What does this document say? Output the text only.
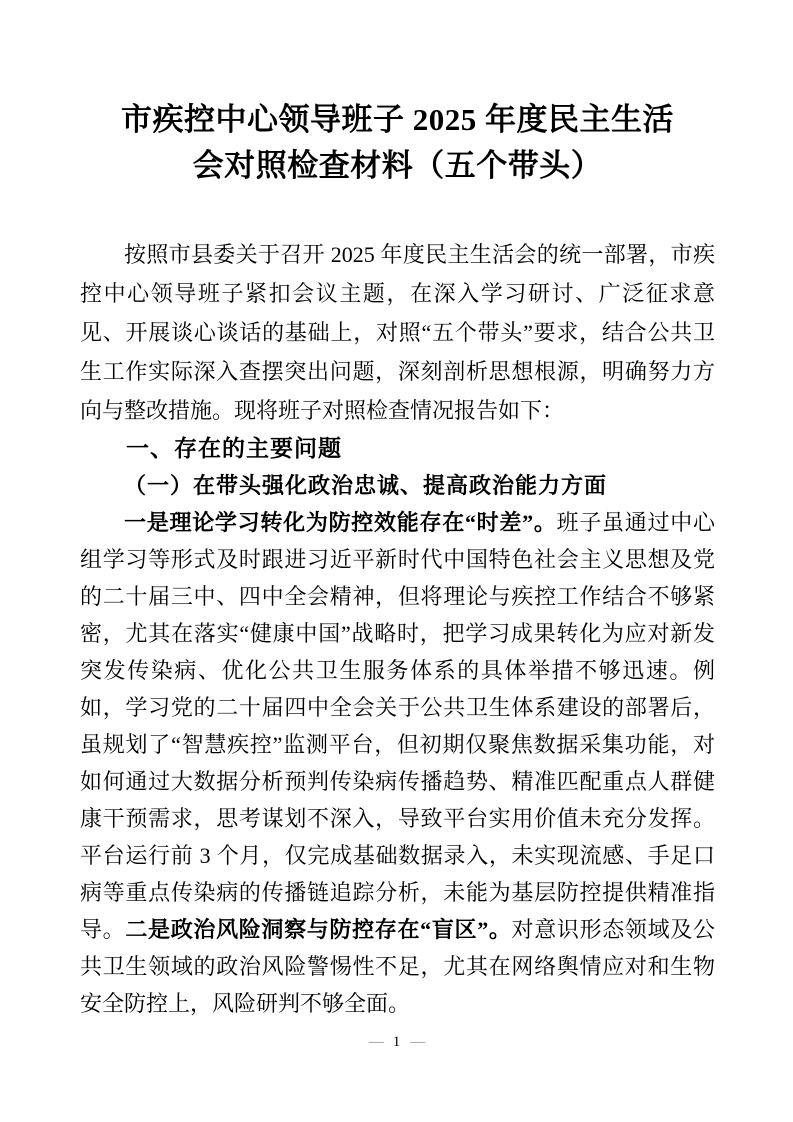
市疾控中心领导班子 2025 年度民主生活
会对照检查材料（五个带头）

按照市县委关于召开 2025 年度民主生活会的统一部署，市疾控中心领导班子紧扣会议主题，在深入学习研讨、广泛征求意见、开展谈心谈话的基础上，对照“五个带头”要求，结合公共卫生工作实际深入查摆突出问题，深刻剖析思想根源，明确努力方向与整改措施。现将班子对照检查情况报告如下：

一、存在的主要问题
（一）在带头强化政治忠诚、提高政治能力方面

一是理论学习转化为防控效能存在“时差”。班子虽通过中心组学习等形式及时跟进习近平新时代中国特色社会主义思想及党的二十届三中、四中全会精神，但将理论与疾控工作结合不够紧密，尤其在落实“健康中国”战略时，把学习成果转化为应对新发突发传染病、优化公共卫生服务体系的具体举措不够迅速。例如，学习党的二十届四中全会关于公共卫生体系建设的部署后，虽规划了“智慧疾控”监测平台，但初期仅聚焦数据采集功能，对如何通过大数据分析预判传染病传播趋势、精准匹配重点人群健康干预需求，思考谋划不深入，导致平台实用价值未充分发挥。平台运行前 3 个月，仅完成基础数据录入，未实现流感、手足口病等重点传染病的传播链追踪分析，未能为基层防控提供精准指导。二是政治风险洞察与防控存在“盲区”。对意识形态领域及公共卫生领域的政治风险警惕性不足，尤其在网络舆情应对和生物安全防控上，风险研判不够全面。

— 1 —
